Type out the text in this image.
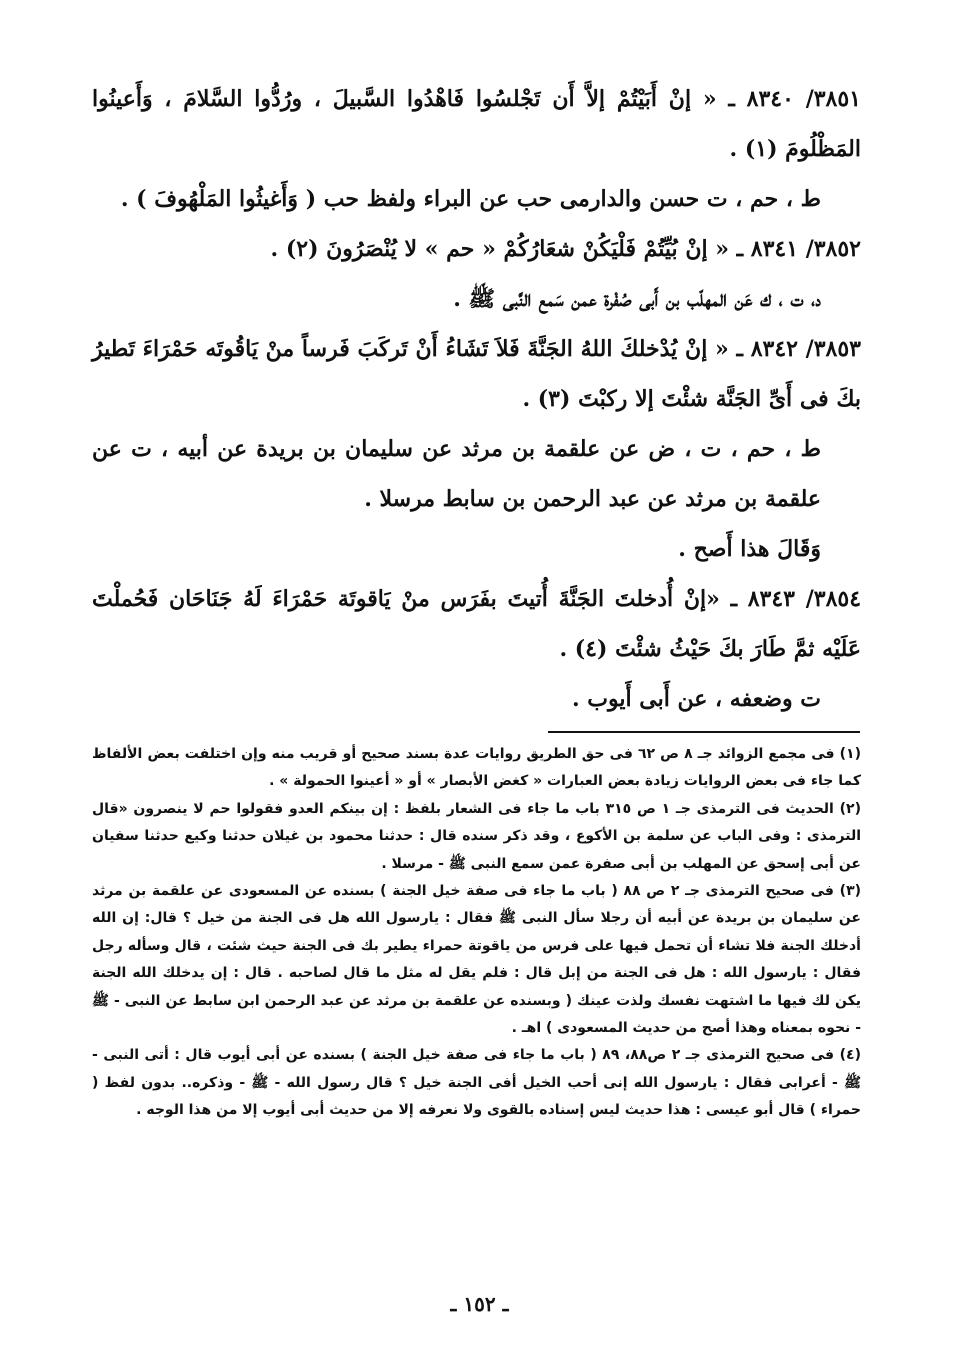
٣٨٥١/ ٨٣٤٠ ـ « إنْ أَبَيْتُمْ إلاَّ أَن تَجْلسُوا فَاهْدُوا السَّبيلَ ، ورُدُّوا السَّلامَ ، وَأَعينُوا المَظْلُومَ (١) .

ط ، حم ، ت حسن والدارمى حب عن البراء ولفظ حب ( وَأَغيثُوا المَلْهُوفَ ) .

٣٨٥٢/ ٨٣٤١ ـ « إنْ بُيِّتُمْ فَلْيَكُنْ شعَارُكُمْ « حم » لا يُنْصَرُونَ (٢) .

د، ت ، ك عَن المهلّب بن أَبى صُفْرة عمن سَمع النَّبى ﷺ .

٣٨٥٣/ ٨٣٤٢ ـ « إنْ يُدْخلكَ اللهُ الجَنَّةَ فَلاَ تَشَاءُ أَنْ تَركَبَ فَرساً منْ يَاقُوتَه حَمْرَاءَ تَطيرُ بكَ فى أَىِّ الجَنَّة شئْتَ إلا ركبْتَ (٣) .

ط ، حم ، ت ، ض عن علقمة بن مرثد عن سليمان بن بريدة عن أبيه ، ت عن علقمة بن مرثد عن عبد الرحمن بن سابط مرسلا .

وَقَالَ هذا أَصح .

٣٨٥٤/ ٨٣٤٣ ـ «إنْ أُدخلتَ الجَنَّةَ أُتيتَ بفَرَس منْ يَاقوتَة حَمْرَاءَ لَهُ جَنَاحَان فَحُملْتَ عَلَيْه ثمَّ طَارَ بكَ حَيْثُ شئْتَ (٤) .

ت وضعفه ، عن أَبى أَيوب .

(١) فى مجمع الزوائد جـ ٨ ص ٦٢ فى حق الطريق روايات عدة بسند صحيح أو قريب منه وإن اختلفت بعض الألفاظ كما جاء فى بعض الروايات زيادة بعض العبارات « كغض الأبصار » أو « أعينوا الحمولة » .

(٢) الحديث فى الترمذى جـ ١ ص ٣١٥ باب ما جاء فى الشعار بلفظ : إن بينكم العدو فقولوا حم لا ينصرون «قال الترمذى : وفى الباب عن سلمة بن الأكوع ، وقد ذكر سنده قال : حدثنا محمود بن غيلان حدثنا وكيع حدثنا سفيان عن أبى إسحق عن المهلب بن أبى صفرة عمن سمع النبى ﷺ - مرسلا .

(٣) فى صحيح الترمذى جـ ٢ ص ٨٨ ( باب ما جاء فى صفة خيل الجنة ) بسنده عن المسعودى عن علقمة بن مرثد عن سليمان بن بريدة عن أبيه أن رجلا سأل النبى ﷺ فقال : يارسول الله هل فى الجنة من خيل ؟ قال: إن الله أدخلك الجنة فلا تشاء أن تحمل فيها على فرس من ياقوتة حمراء يطير بك فى الجنة حيث شئت ، قال وسأله رجل فقال : يارسول الله : هل فى الجنة من إبل قال : فلم يقل له مثل ما قال لصاحبه . قال : إن يدخلك الله الجنة يكن لك فيها ما اشتهت نفسك ولذت عينك ( وبسنده عن علقمة بن مرثد عن عبد الرحمن ابن سابط عن النبى - ﷺ - نحوه بمعناه وهذا أصح من حديث المسعودى ) اهـ .

(٤) فى صحيح الترمذى جـ ٢ ص٨٨، ٨٩ ( باب ما جاء فى صفة خيل الجنة ) بسنده عن أبى أيوب قال : أتى النبى - ﷺ - أعرابى فقال : يارسول الله إنى أحب الخيل أفى الجنة خيل ؟ قال رسول الله - ﷺ - وذكره.. بدون لفظ ( حمراء ) قال أبو عيسى : هذا حديث ليس إسناده بالقوى ولا نعرفه إلا من حديث أبى أيوب إلا من هذا الوجه .

ـ ١٥٢ ـ
